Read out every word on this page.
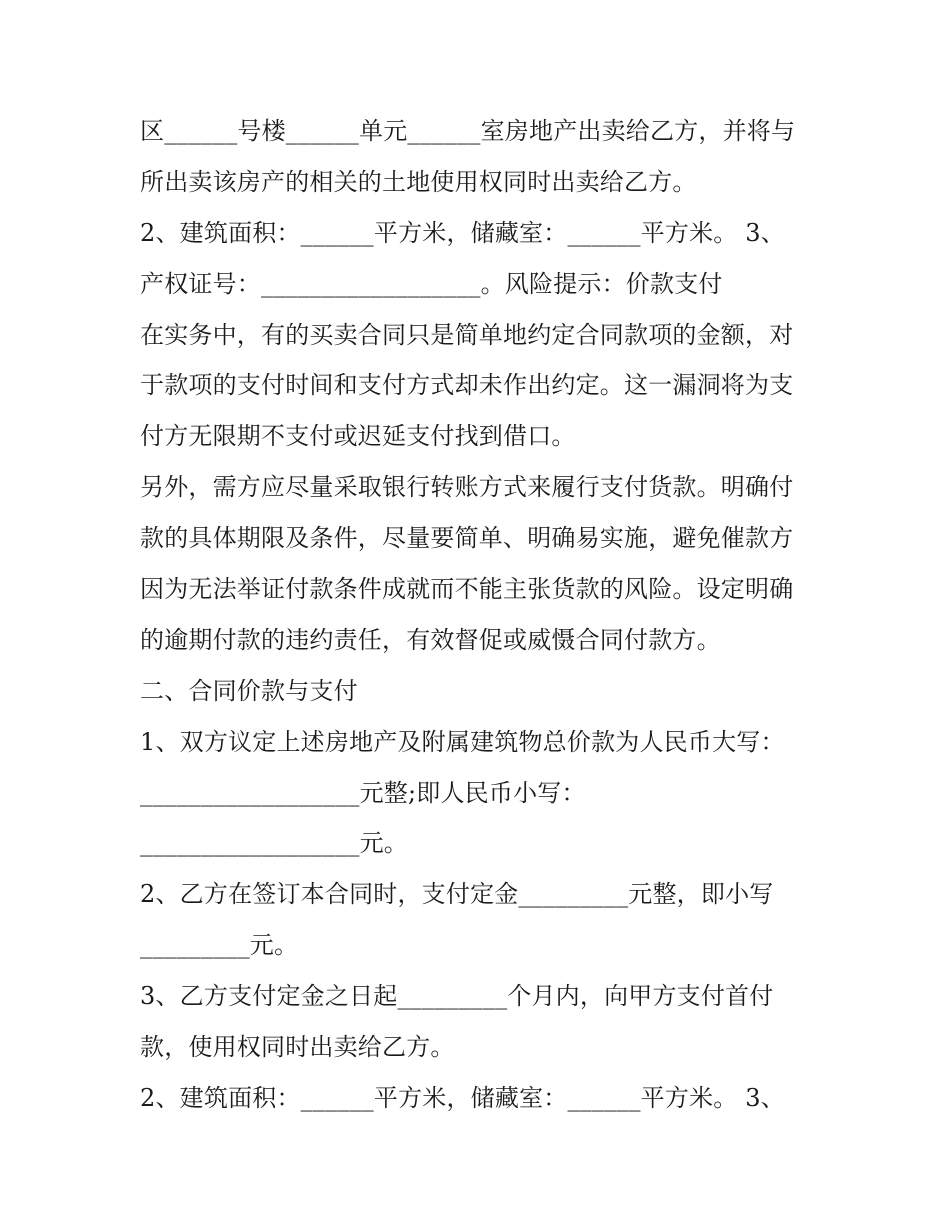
区______号楼______单元______室房地产出卖给乙方，并将与
所出卖该房产的相关的土地使用权同时出卖给乙方。
2、建筑面积：______平方米，储藏室：______平方米。 3、
产权证号：__________________。风险提示：价款支付
在实务中，有的买卖合同只是简单地约定合同款项的金额，对
于款项的支付时间和支付方式却未作出约定。这一漏洞将为支
付方无限期不支付或迟延支付找到借口。
另外，需方应尽量采取银行转账方式来履行支付货款。明确付
款的具体期限及条件，尽量要简单、明确易实施，避免催款方
因为无法举证付款条件成就而不能主张货款的风险。设定明确
的逾期付款的违约责任，有效督促或威慑合同付款方。
二、合同价款与支付
1、双方议定上述房地产及附属建筑物总价款为人民币大写：
__________________元整;即人民币小写：
__________________元。
2、乙方在签订本合同时，支付定金_________元整，即小写
_________元。
3、乙方支付定金之日起_________个月内，向甲方支付首付
款，使用权同时出卖给乙方。
2、建筑面积：______平方米，储藏室：______平方米。 3、
